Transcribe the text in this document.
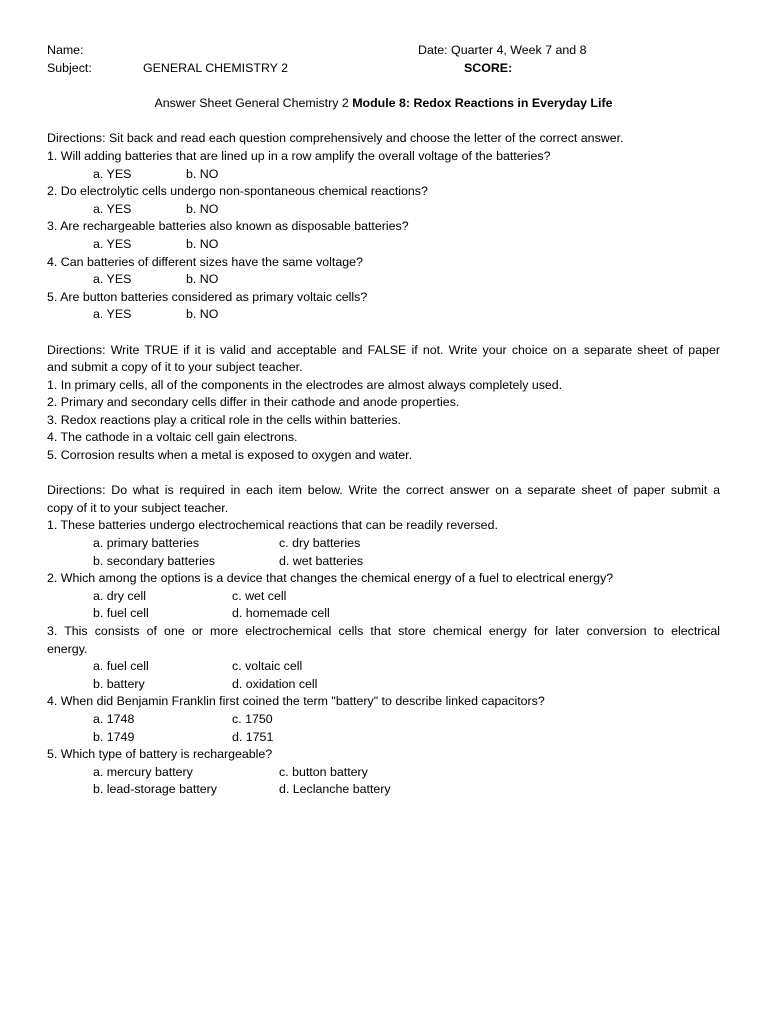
Name:	Date: Quarter 4, Week 7 and 8
Subject:	GENERAL CHEMISTRY 2	SCORE:
Answer Sheet General Chemistry 2 Module 8: Redox Reactions in Everyday Life
Directions: Sit back and read each question comprehensively and choose the letter of the correct answer.
1. Will adding batteries that are lined up in a row amplify the overall voltage of the batteries?
a. YES	b. NO
2. Do electrolytic cells undergo non-spontaneous chemical reactions?
a. YES	b. NO
3. Are rechargeable batteries also known as disposable batteries?
a. YES	b. NO
4. Can batteries of different sizes have the same voltage?
a. YES	b. NO
5. Are button batteries considered as primary voltaic cells?
a. YES	b. NO
Directions: Write TRUE if it is valid and acceptable and FALSE if not. Write your choice on a separate sheet of paper
and submit a copy of it to your subject teacher.
1. In primary cells, all of the components in the electrodes are almost always completely used.
2. Primary and secondary cells differ in their cathode and anode properties.
3. Redox reactions play a critical role in the cells within batteries.
4. The cathode in a voltaic cell gain electrons.
5. Corrosion results when a metal is exposed to oxygen and water.
Directions: Do what is required in each item below. Write the correct answer on a separate sheet of paper submit a
copy of it to your subject teacher.
1. These batteries undergo electrochemical reactions that can be readily reversed.
a. primary batteries	c. dry batteries
b. secondary batteries	d. wet batteries
2. Which among the options is a device that changes the chemical energy of a fuel to electrical energy?
a. dry cell	c. wet cell
b. fuel cell	d. homemade cell
3. This consists of one or more electrochemical cells that store chemical energy for later conversion to electrical
energy.
a. fuel cell	c. voltaic cell
b. battery	d. oxidation cell
4. When did Benjamin Franklin first coined the term "battery" to describe linked capacitors?
a. 1748	c. 1750
b. 1749	d. 1751
5. Which type of battery is rechargeable?
a. mercury battery	c. button battery
b. lead-storage battery	d. Leclanche battery
